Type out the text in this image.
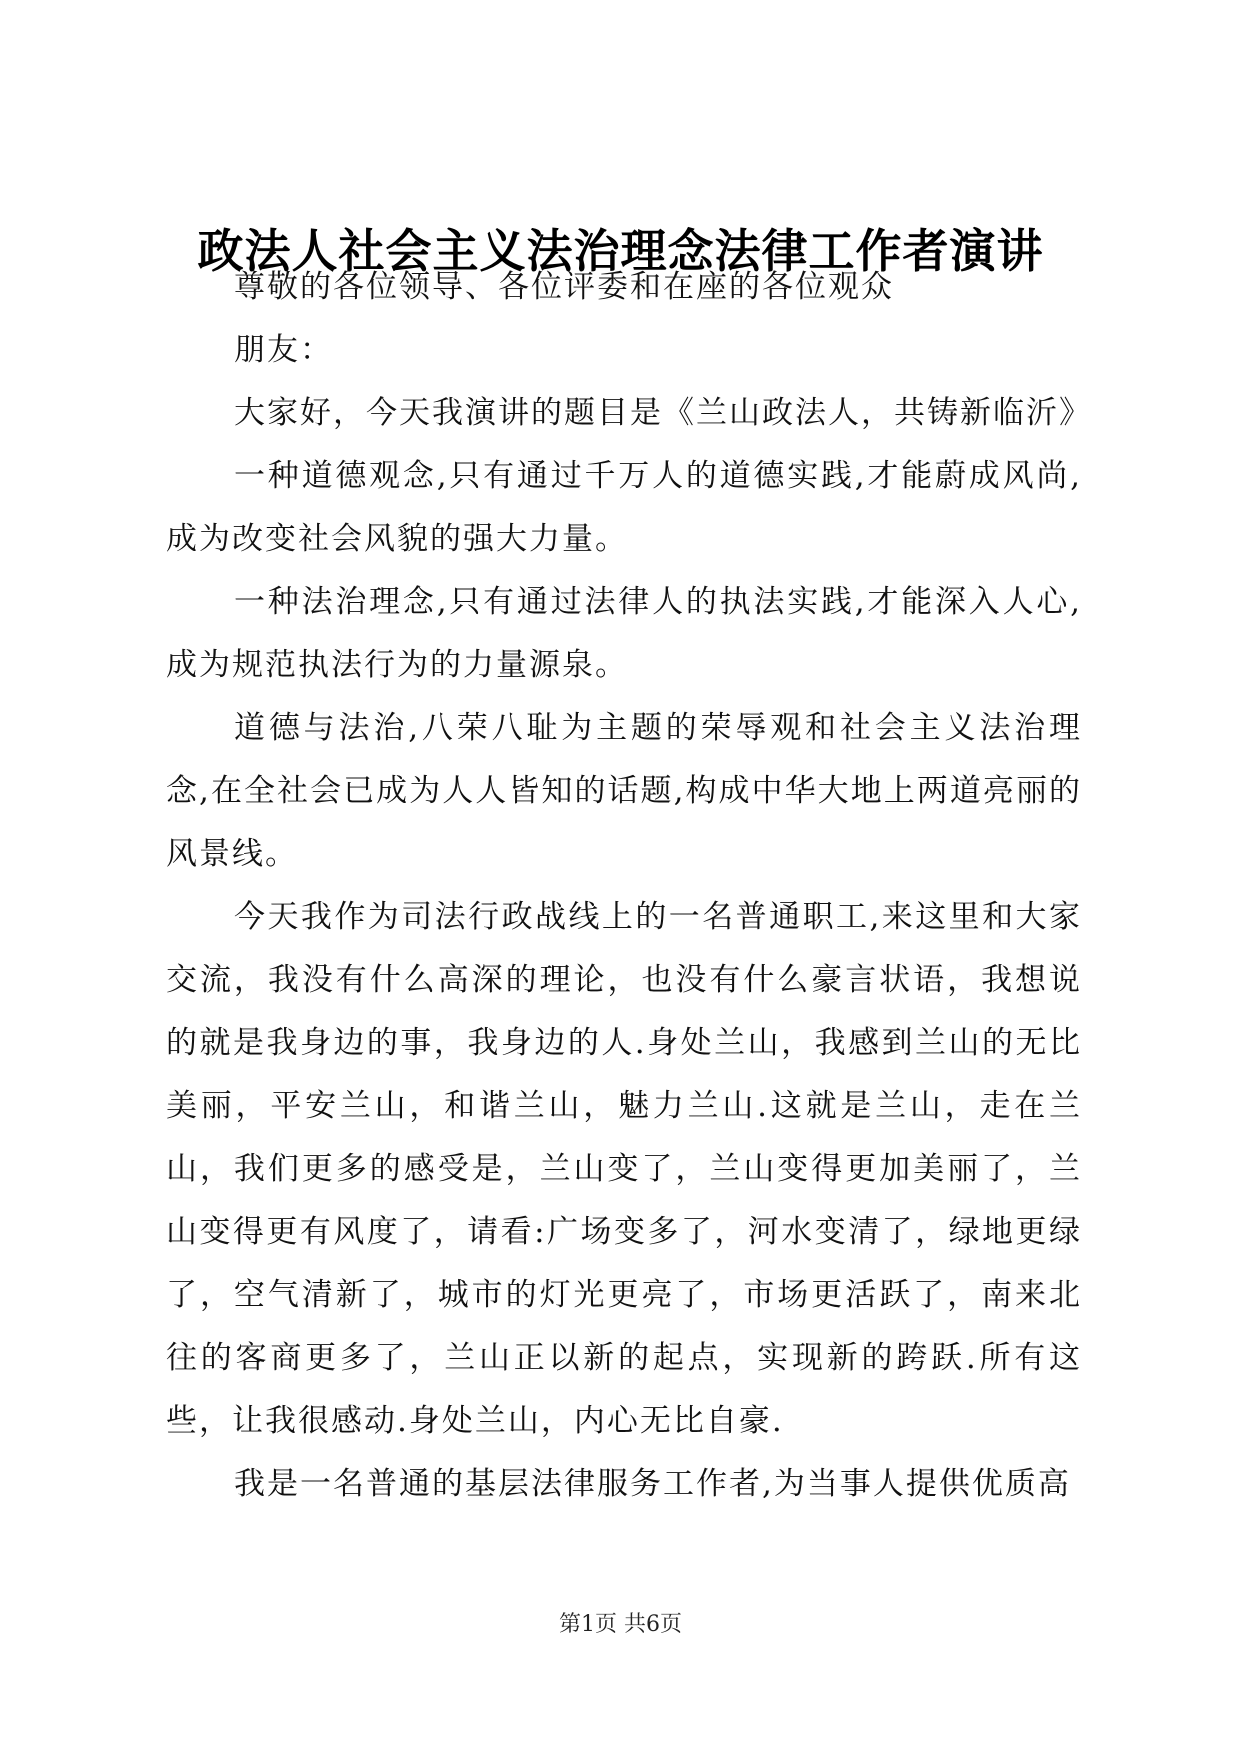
政法人社会主义法治理念法律工作者演讲

尊敬的各位领导、各位评委和在座的各位观众

朋友：

大家好，今天我演讲的题目是《兰山政法人，共铸新临沂》

一种道德观念,只有通过千万人的道德实践,才能蔚成风尚,成为改变社会风貌的强大力量。

一种法治理念,只有通过法律人的执法实践,才能深入人心,成为规范执法行为的力量源泉。

道德与法治,八荣八耻为主题的荣辱观和社会主义法治理念,在全社会已成为人人皆知的话题,构成中华大地上两道亮丽的风景线。

今天我作为司法行政战线上的一名普通职工,来这里和大家交流，我没有什么高深的理论，也没有什么豪言状语，我想说的就是我身边的事，我身边的人.身处兰山，我感到兰山的无比美丽，平安兰山，和谐兰山，魅力兰山.这就是兰山，走在兰山，我们更多的感受是，兰山变了，兰山变得更加美丽了，兰山变得更有风度了，请看:广场变多了，河水变清了，绿地更绿了，空气清新了，城市的灯光更亮了，市场更活跃了，南来北往的客商更多了，兰山正以新的起点，实现新的跨跃.所有这些，让我很感动.身处兰山，内心无比自豪.

我是一名普通的基层法律服务工作者,为当事人提供优质高

第1页 共6页
